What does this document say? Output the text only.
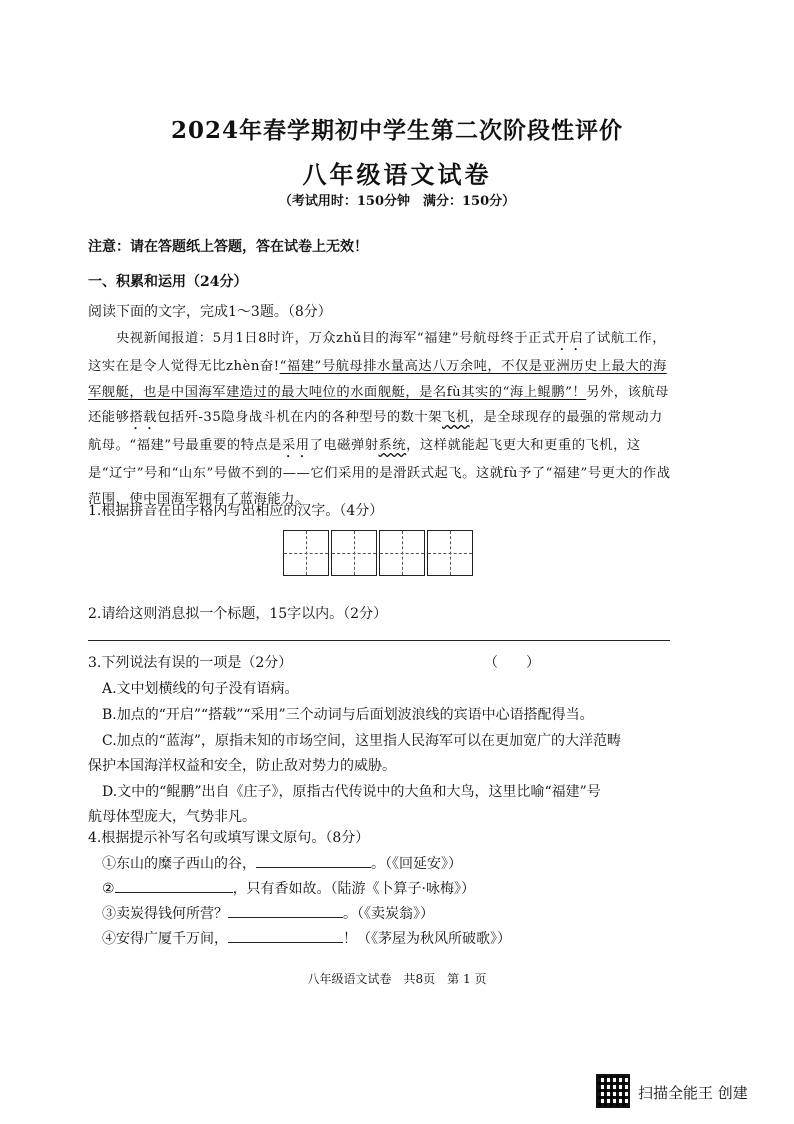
2024年春学期初中学生第二次阶段性评价
八年级语文试卷
（考试用时：150分钟　满分：150分）
注意：请在答题纸上答题，答在试卷上无效！
一、积累和运用（24分）
阅读下面的文字，完成1～3题。（8分）
央视新闻报道：5月1日8时许，万众zhǔ目的海军“福建”号航母终于正式开启了试航工作，这实在是令人觉得无比zhèn奋!“福建”号航母排水量高达八万余吨，不仅是亚洲历史上最大的海军舰艇，也是中国海军建造过的最大吨位的水面舰艇，是名fù其实的“海上鲲鹏”！另外，该航母还能够搭载包括歼-35隐身战斗机在内的各种型号的数十架飞机，是全球现存的最强的常规动力航母。“福建”号最重要的特点是采用了电磁弹射系统，这样就能起飞更大和更重的飞机，这是“辽宁”号和“山东”号做不到的——它们采用的是滑跃式起飞。这就fù予了“福建”号更大的作战范围，使中国海军拥有了蓝海能力。
1.根据拼音在田字格内写出相应的汉字。（4分）
2.请给这则消息拟一个标题，15字以内。（2分）
3.下列说法有误的一项是（2分）	（　　）
A.文中划横线的句子没有语病。
B.加点的“开启”“搭载”“采用”三个动词与后面划波浪线的宾语中心语搭配得当。
C.加点的“蓝海”，原指未知的市场空间，这里指人民海军可以在更加宽广的大洋范畴
保护本国海洋权益和安全，防止敌对势力的威胁。
D.文中的“鲲鹏”出自《庄子》，原指古代传说中的大鱼和大鸟，这里比喻“福建”号
航母体型庞大，气势非凡。
4.根据提示补写名句或填写课文原句。（8分）
①东山的糜子西山的谷，	。（《回延安》）
②	，只有香如故。（陆游《卜算子·咏梅》）
③卖炭得钱何所营？	。（《卖炭翁》）
④安得广厦千万间，	！（《茅屋为秋风所破歌》）
八年级语文试卷　共8页　第 1 页
扫描全能王 创建
